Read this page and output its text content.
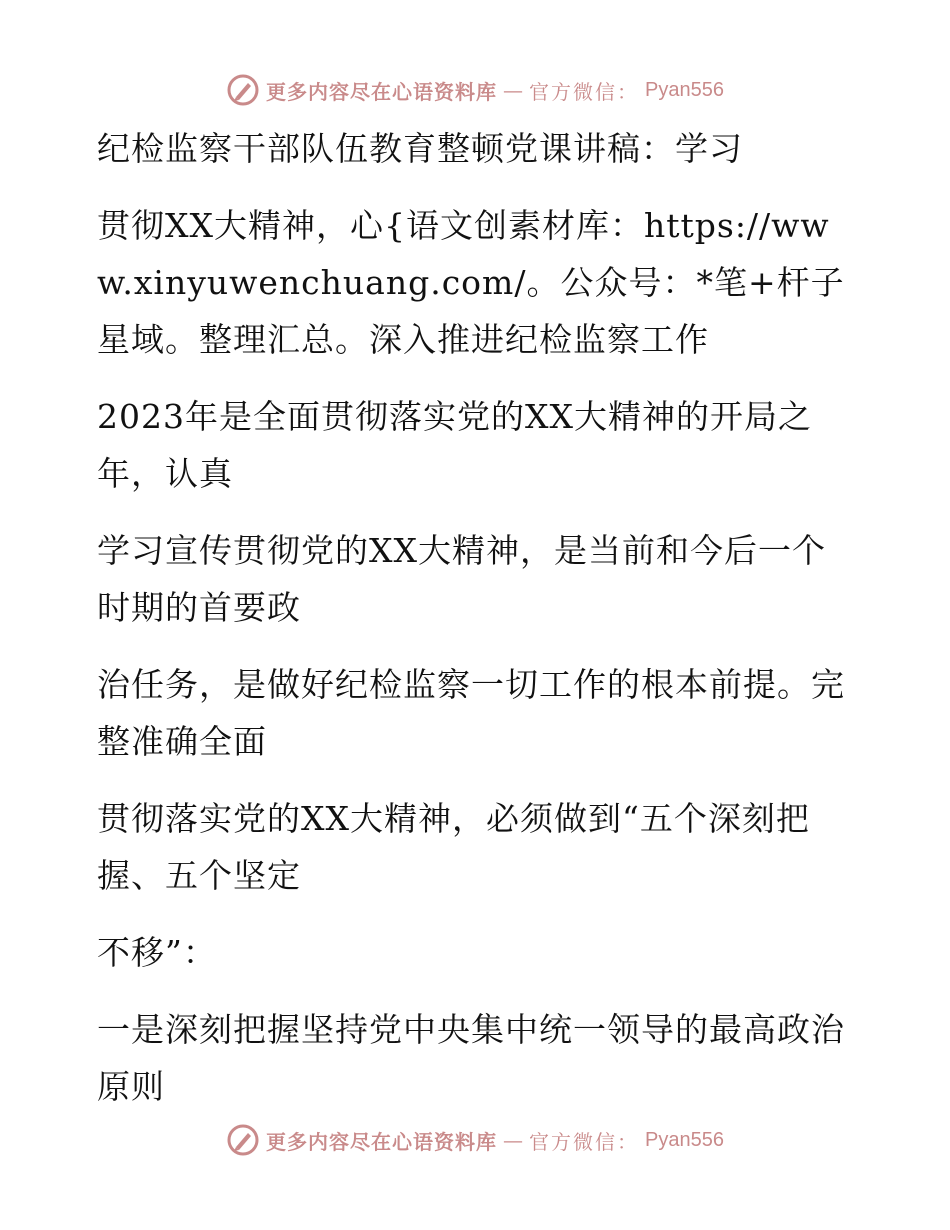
更多内容尽在心语资料库 — 官方微信： Pyan556

纪检监察干部队伍教育整顿党课讲稿：学习

贯彻XX大精神，心{语文创素材库：https://www.xinyuwenchuang.com/。公众号：*笔+杆子星域。整理汇总。深入推进纪检监察工作

2023年是全面贯彻落实党的XX大精神的开局之年，认真

学习宣传贯彻党的XX大精神，是当前和今后一个时期的首要政

治任务，是做好纪检监察一切工作的根本前提。完整准确全面

贯彻落实党的XX大精神，必须做到“五个深刻把握、五个坚定

不移”：

一是深刻把握坚持党中央集中统一领导的最高政治原则

更多内容尽在心语资料库 — 官方微信： Pyan556
